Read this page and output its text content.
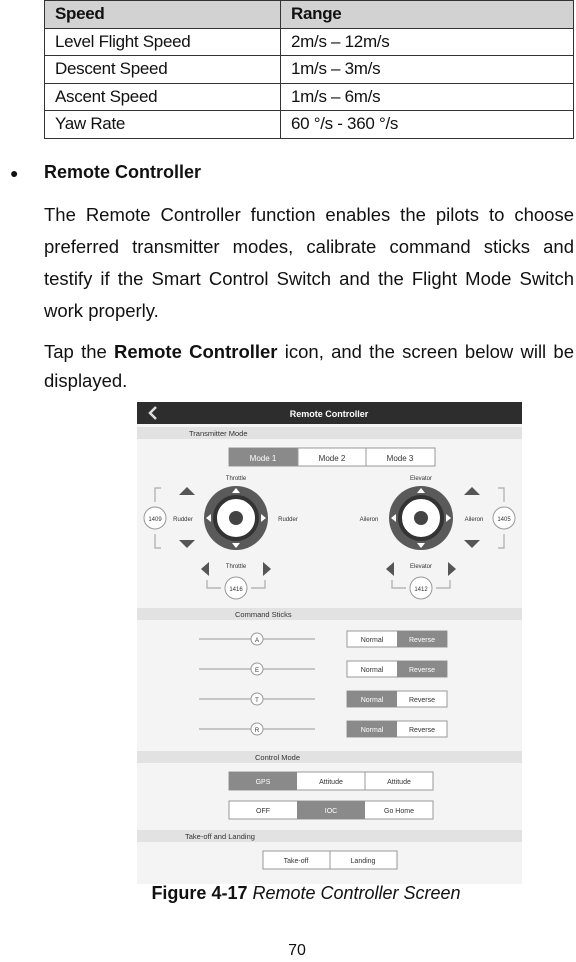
Speed	Range
Level Flight Speed	2m/s – 12m/s
Descent Speed	1m/s – 3m/s
Ascent Speed	1m/s – 6m/s
Yaw Rate	60 °/s - 360 °/s
● Remote Controller
The Remote Controller function enables the pilots to choose preferred transmitter modes, calibrate command sticks and testify if the Smart Control Switch and the Flight Mode Switch work properly.
Tap the Remote Controller icon, and the screen below will be displayed.
Remote Controller
Transmitter Mode
Mode 1	Mode 2	Mode 3
1409 Rudder	Rudder
Throttle
Throttle
1416
1405
Aileron	Aileron
Elevator
Elevator
1412
Command Sticks
A	Normal	Reverse
E	Normal	Reverse
T	Normal	Reverse
R	Normal	Reverse
Control Mode
GPS	Attitude	Attitude
OFF	IOC	Go Home
Take-off and Landing
Take-off	Landing
Figure 4-17 Remote Controller Screen
70
